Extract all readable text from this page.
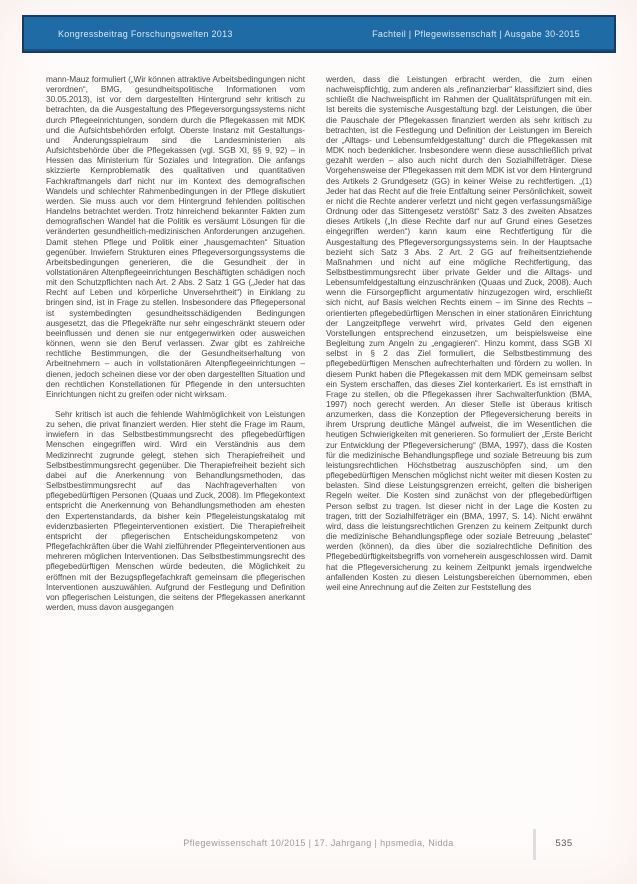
Kongressbeitrag Forschungswelten 2013	Fachteil | Pflegewissenschaft | Ausgabe 30-2015

mann-Mauz formuliert („Wir können attraktive Arbeitsbedingungen nicht verordnen“, BMG, gesundheitspolitische Informationen vom 30.05.2013), ist vor dem dargestellten Hintergrund sehr kritisch zu betrachten, da die Ausgestaltung des Pflegeversorgungssystems nicht durch Pflegeeinrichtungen, sondern durch die Pflegekassen mit MDK und die Aufsichtsbehörden erfolgt. Oberste Instanz mit Gestaltungs- und Änderungsspielraum sind die Landesministerien als Aufsichtsbehörde über die Pflegekassen (vgl. SGB XI, §§ 9, 92) – in Hessen das Ministerium für Soziales und Integration. Die anfangs skizzierte Kernproblematik des qualitativen und quantitativen Fachkraftmangels darf nicht nur im Kontext des demografischen Wandels und schlechter Rahmenbedingungen in der Pflege diskutiert werden. Sie muss auch vor dem Hintergrund fehlenden politischen Handelns betrachtet werden. Trotz hinreichend bekannter Fakten zum demografischen Wandel hat die Politik es versäumt Lösungen für die veränderten gesundheitlich-medizinischen Anforderungen anzugehen. Damit stehen Pflege und Politik einer „hausgemachten“ Situation gegenüber. Inwiefern Strukturen eines Pflegeversorgungssystems die Arbeitsbedingungen generieren, die die Gesundheit der in vollstationären Altenpflegeeinrichtungen Beschäftigten schädigen noch mit den Schutzpflichten nach Art. 2 Abs. 2 Satz 1 GG („Jeder hat das Recht auf Leben und körperliche Unversehrtheit“) in Einklang zu bringen sind, ist in Frage zu stellen. Insbesondere das Pflegepersonal ist systembedingten gesundheitsschädigenden Bedingungen ausgesetzt, das die Pflegekräfte nur sehr eingeschränkt steuern oder beeinflussen und denen sie nur entgegenwirken oder ausweichen können, wenn sie den Beruf verlassen. Zwar gibt es zahlreiche rechtliche Bestimmungen, die der Gesundheitserhaltung von Arbeitnehmern – auch in vollstationären Altenpflegeeinrichtungen – dienen, jedoch scheinen diese vor der oben dargestellten Situation und den rechtlichen Konstellationen für Pflegende in den untersuchten Einrichtungen nicht zu greifen oder nicht wirksam.

Sehr kritisch ist auch die fehlende Wahlmöglichkeit von Leistungen zu sehen, die privat finanziert werden. Hier steht die Frage im Raum, inwiefern in das Selbstbestimmungsrecht des pflegebedürftigen Menschen eingegriffen wird. Wird ein Verständnis aus dem Medizinrecht zugrunde gelegt, stehen sich Therapiefreiheit und Selbstbestimmungsrecht gegenüber. Die Therapiefreiheit bezieht sich dabei auf die Anerkennung von Behandlungsmethoden, das Selbstbestimmungsrecht auf das Nachfrageverhalten von pflegebedürftigen Personen (Quaas und Zuck, 2008). Im Pflegekontext entspricht die Anerkennung von Behandlungsmethoden am ehesten den Expertenstandards, da bisher kein Pflegeleistungskatalog mit evidenzbasierten Pflegeinterventionen existiert. Die Therapiefreiheit entspricht der pflegerischen Entscheidungskompetenz von Pflegefachkräften über die Wahl zielführender Pflegeinterventionen aus mehreren möglichen Interventionen. Das Selbstbestimmungsrecht des pflegebedürftigen Menschen würde bedeuten, die Möglichkeit zu eröffnen mit der Bezugspflegefachkraft gemeinsam die pflegerischen Interventionen auszuwählen. Aufgrund der Festlegung und Definition von pflegerischen Leistungen, die seitens der Pflegekassen anerkannt werden, muss davon ausgegangen

werden, dass die Leistungen erbracht werden, die zum einen nachweispflichtig, zum anderen als „refinanzierbar“ klassifiziert sind, dies schließt die Nachweispflicht im Rahmen der Qualitätsprüfungen mit ein. Ist bereits die systemische Ausgestaltung bzgl. der Leistungen, die über die Pauschale der Pflegekassen finanziert werden als sehr kritisch zu betrachten, ist die Festlegung und Definition der Leistungen im Bereich der „Alltags- und Lebensumfeldgestaltung“ durch die Pflegekassen mit MDK noch bedenklicher. Insbesondere wenn diese ausschließlich privat gezahlt werden – also auch nicht durch den Sozialhilfeträger. Diese Vorgehensweise der Pflegekassen mit dem MDK ist vor dem Hintergrund des Artikels 2 Grundgesetz (GG) in keiner Weise zu rechtfertigen. „(1) Jeder hat das Recht auf die freie Entfaltung seiner Persönlichkeit, soweit er nicht die Rechte anderer verletzt und nicht gegen verfassungsmäßige Ordnung oder das Sittengesetz verstößt“ Satz 3 des zweiten Absatzes dieses Artikels („In diese Rechte darf nur auf Grund eines Gesetzes eingegriffen werden“) kann kaum eine Rechtfertigung für die Ausgestaltung des Pflegeversorgungssystems sein. In der Hauptsache bezieht sich Satz 3 Abs. 2 Art. 2 GG auf freiheitsentziehende Maßnahmen und nicht auf eine mögliche Rechtfertigung, das Selbstbestimmungsrecht über private Gelder und die Alltags- und Lebensumfeldgestaltung einzuschränken (Quaas und Zuck, 2008). Auch wenn die Fürsorgepflicht argumentativ hinzugezogen wird, erschließt sich nicht, auf Basis welchen Rechts einem – im Sinne des Rechts – orientierten pflegebedürftigen Menschen in einer stationären Einrichtung der Langzeitpflege verwehrt wird, privates Geld den eigenen Vorstellungen entsprechend einzusetzen, um beispielsweise eine Begleitung zum Angeln zu „engagieren“. Hinzu kommt, dass SGB XI selbst in § 2 das Ziel formuliert, die Selbstbestimmung des pflegebedürftigen Menschen aufrechterhalten und fördern zu wollen. In diesem Punkt haben die Pflegekassen mit dem MDK gemeinsam selbst ein System erschaffen, das dieses Ziel konterkariert. Es ist ernsthaft in Frage zu stellen, ob die Pflegekassen ihrer Sachwalterfunktion (BMA, 1997) noch gerecht werden. An dieser Stelle ist überaus kritisch anzumerken, dass die Konzeption der Pflegeversicherung bereits in ihrem Ursprung deutliche Mängel aufweist, die im Wesentlichen die heutigen Schwierigkeiten mit generieren. So formuliert der „Erste Bericht zur Entwicklung der Pflegeversicherung“ (BMA, 1997), dass die Kosten für die medizinische Behandlungspflege und soziale Betreuung bis zum leistungsrechtlichen Höchstbetrag auszuschöpfen sind, um den pflegebedürftigen Menschen möglichst nicht weiter mit diesen Kosten zu belasten. Sind diese Leistungsgrenzen erreicht, gelten die bisherigen Regeln weiter. Die Kosten sind zunächst von der pflegebedürftigen Person selbst zu tragen. Ist dieser nicht in der Lage die Kosten zu tragen, tritt der Sozialhilfeträger ein (BMA, 1997, S. 14). Nicht erwähnt wird, dass die leistungsrechtlichen Grenzen zu keinem Zeitpunkt durch die medizinische Behandlungspflege oder soziale Betreuung „belastet“ werden (können), da dies über die sozialrechtliche Definition des Pflegebedürftigkeitsbegriffs von vorneherein ausgeschlossen wird. Damit hat die Pflegeversicherung zu keinem Zeitpunkt jemals irgendwelche anfallenden Kosten zu diesen Leistungsbereichen übernommen, eben weil eine Anrechnung auf die Zeiten zur Feststellung des

Pflegewissenschaft 10/2015 | 17. Jahrgang | hpsmedia, Nidda	535
